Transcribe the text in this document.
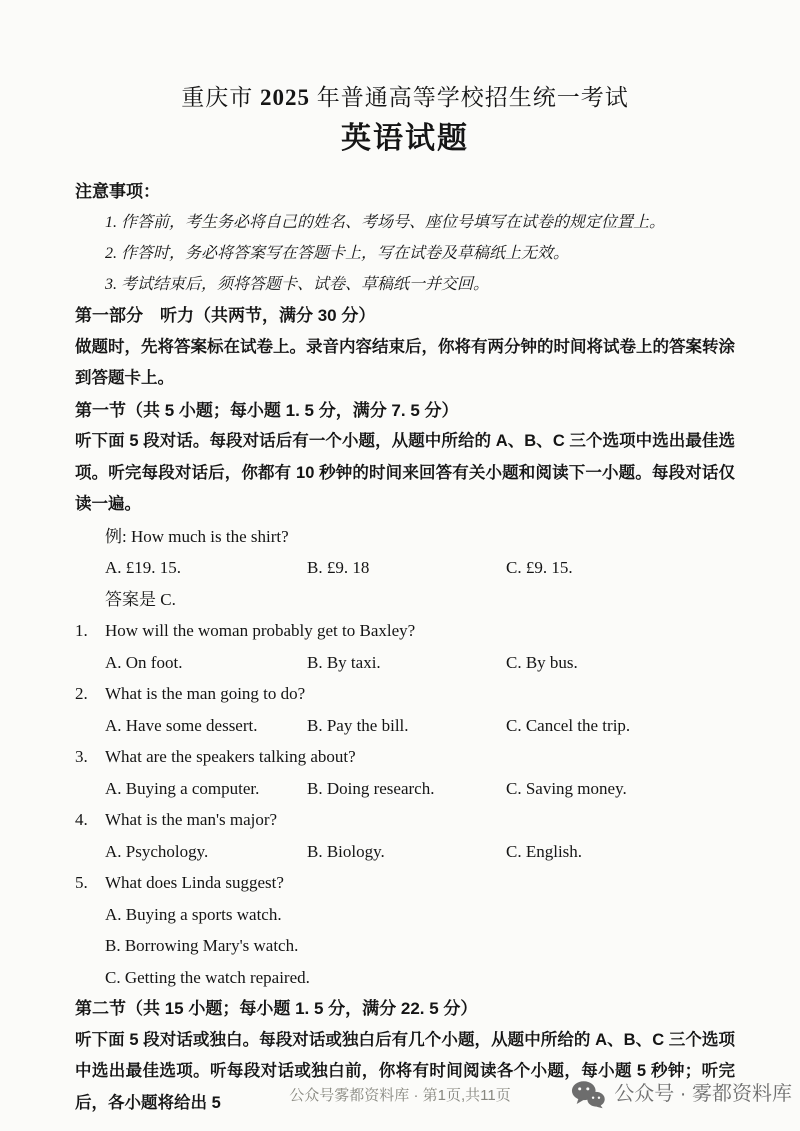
重庆市 2025 年普通高等学校招生统一考试
英语试题
注意事项：
1. 作答前，考生务必将自己的姓名、考场号、座位号填写在试卷的规定位置上。
2. 作答时，务必将答案写在答题卡上，写在试卷及草稿纸上无效。
3. 考试结束后，须将答题卡、试卷、草稿纸一并交回。
第一部分　听力（共两节，满分 30 分）
做题时，先将答案标在试卷上。录音内容结束后，你将有两分钟的时间将试卷上的答案转涂到答题卡上。
第一节（共 5 小题；每小题 1. 5 分，满分 7. 5 分）
听下面 5 段对话。每段对话后有一个小题，从题中所给的 A、B、C 三个选项中选出最佳选项。听完每段对话后，你都有 10 秒钟的时间来回答有关小题和阅读下一小题。每段对话仅读一遍。
例: How much is the shirt?
A. £19. 15.	B. £9. 18	C. £9. 15.
答案是 C.
1.	How will the woman probably get to Baxley?
A. On foot.	B. By taxi.	C. By bus.
2.	What is the man going to do?
A. Have some dessert.	B. Pay the bill.	C. Cancel the trip.
3.	What are the speakers talking about?
A. Buying a computer.	B. Doing research.	C. Saving money.
4.	What is the man's major?
A. Psychology.	B. Biology.	C. English.
5.	What does Linda suggest?
A. Buying a sports watch.
B. Borrowing Mary's watch.
C. Getting the watch repaired.
第二节（共 15 小题；每小题 1. 5 分，满分 22. 5 分）
听下面 5 段对话或独白。每段对话或独白后有几个小题，从题中所给的 A、B、C 三个选项中选出最佳选项。听每段对话或独白前，你将有时间阅读各个小题，每小题 5 秒钟；听完后，各小题将给出 5	公众号雾都资料库 · 第1页,共11页	公众号 · 雾都资料库
